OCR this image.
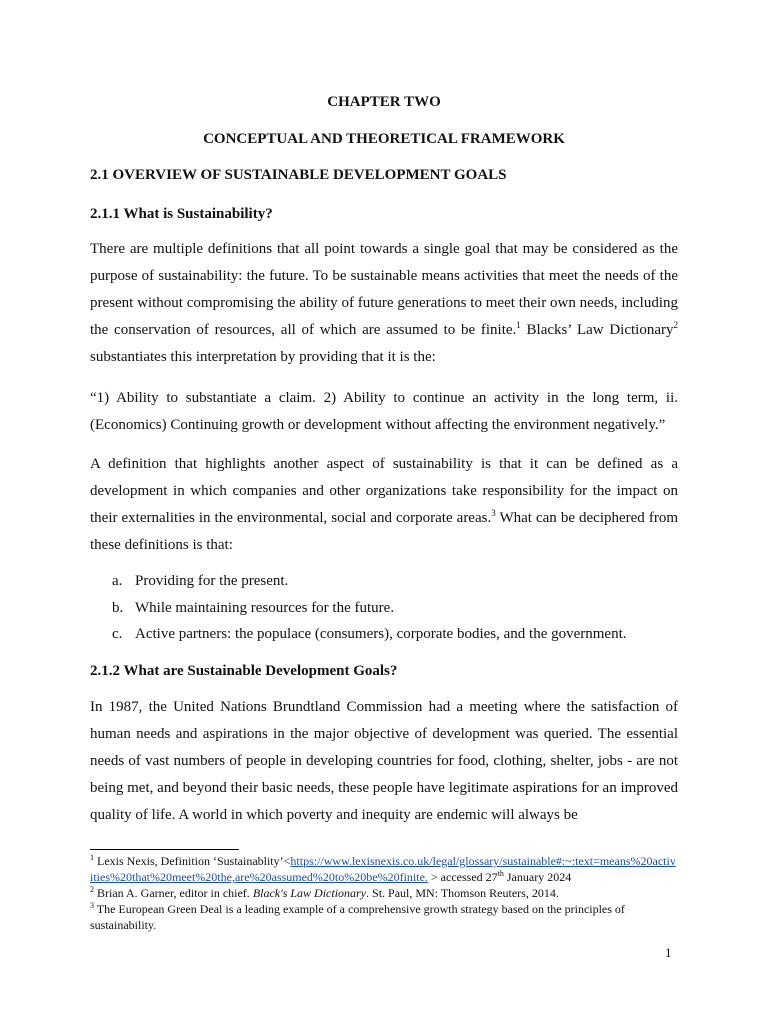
CHAPTER TWO
CONCEPTUAL AND THEORETICAL FRAMEWORK
2.1 OVERVIEW OF SUSTAINABLE DEVELOPMENT GOALS
2.1.1 What is Sustainability?

There are multiple definitions that all point towards a single goal that may be considered as the purpose of sustainability: the future. To be sustainable means activities that meet the needs of the present without compromising the ability of future generations to meet their own needs, including the conservation of resources, all of which are assumed to be finite.$^1$ Blacks’ Law Dictionary$^2$ substantiates this interpretation by providing that it is the:

“1) Ability to substantiate a claim. 2) Ability to continue an activity in the long term, ii. (Economics) Continuing growth or development without affecting the environment negatively.”

A definition that highlights another aspect of sustainability is that it can be defined as a development in which companies and other organizations take responsibility for the impact on their externalities in the environmental, social and corporate areas.$^3$ What can be deciphered from these definitions is that:

a. Providing for the present.
b. While maintaining resources for the future.
c. Active partners: the populace (consumers), corporate bodies, and the government.
2.1.2 What are Sustainable Development Goals?

In 1987, the United Nations Brundtland Commission had a meeting where the satisfaction of human needs and aspirations in the major objective of development was queried. The essential needs of vast numbers of people in developing countries for food, clothing, shelter, jobs - are not being met, and beyond their basic needs, these people have legitimate aspirations for an improved quality of life. A world in which poverty and inequity are endemic will always be

$^1$ Lexis Nexis, Definition ‘Sustainablity’<https://www.lexisnexis.co.uk/legal/glossary/sustainable#:~:text=means%20activities%20that%20meet%20the,are%20assumed%20to%20be%20finite. > accessed 27th January 2024

$^2$ Brian A. Garner, editor in chief. Black's Law Dictionary. St. Paul, MN: Thomson Reuters, 2014.

$^3$ The European Green Deal is a leading example of a comprehensive growth strategy based on the principles of sustainability.

1
